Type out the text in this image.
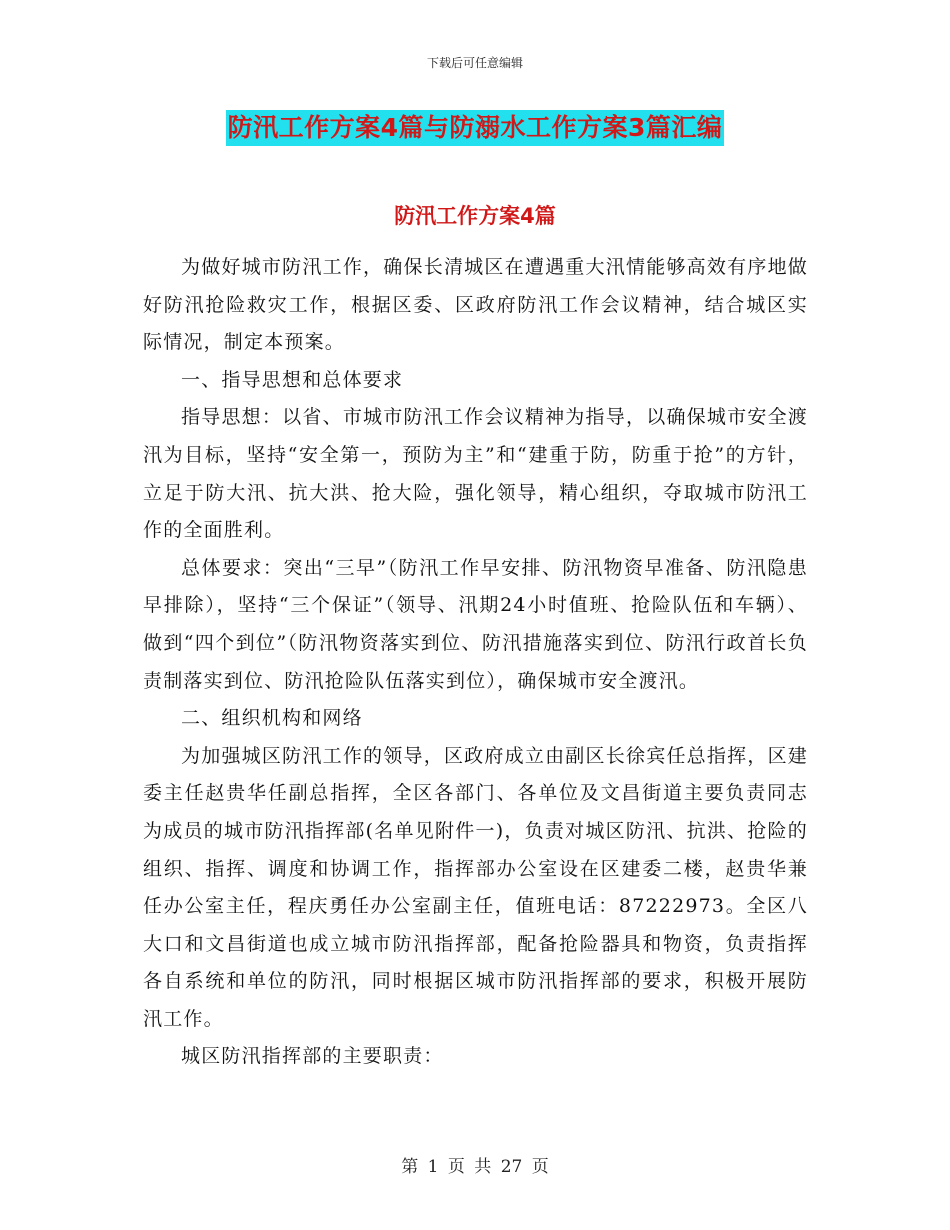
下载后可任意编辑
防汛工作方案4篇与防溺水工作方案3篇汇编
防汛工作方案4篇

为做好城市防汛工作，确保长清城区在遭遇重大汛情能够高效有序地做好防汛抢险救灾工作，根据区委、区政府防汛工作会议精神，结合城区实际情况，制定本预案。

一、指导思想和总体要求

指导思想：以省、市城市防汛工作会议精神为指导，以确保城市安全渡汛为目标，坚持“安全第一，预防为主”和“建重于防，防重于抢”的方针，立足于防大汛、抗大洪、抢大险，强化领导，精心组织，夺取城市防汛工作的全面胜利。

总体要求：突出“三早”（防汛工作早安排、防汛物资早准备、防汛隐患早排除），坚持“三个保证”（领导、汛期24小时值班、抢险队伍和车辆）、做到“四个到位”（防汛物资落实到位、防汛措施落实到位、防汛行政首长负责制落实到位、防汛抢险队伍落实到位），确保城市安全渡汛。

二、组织机构和网络

为加强城区防汛工作的领导，区政府成立由副区长徐宾任总指挥，区建委主任赵贵华任副总指挥，全区各部门、各单位及文昌街道主要负责同志为成员的城市防汛指挥部(名单见附件一)，负责对城区防汛、抗洪、抢险的组织、指挥、调度和协调工作，指挥部办公室设在区建委二楼，赵贵华兼任办公室主任，程庆勇任办公室副主任，值班电话：87222973。全区八大口和文昌街道也成立城市防汛指挥部，配备抢险器具和物资，负责指挥各自系统和单位的防汛，同时根据区城市防汛指挥部的要求，积极开展防汛工作。

城区防汛指挥部的主要职责：

第 1 页 共 27 页
